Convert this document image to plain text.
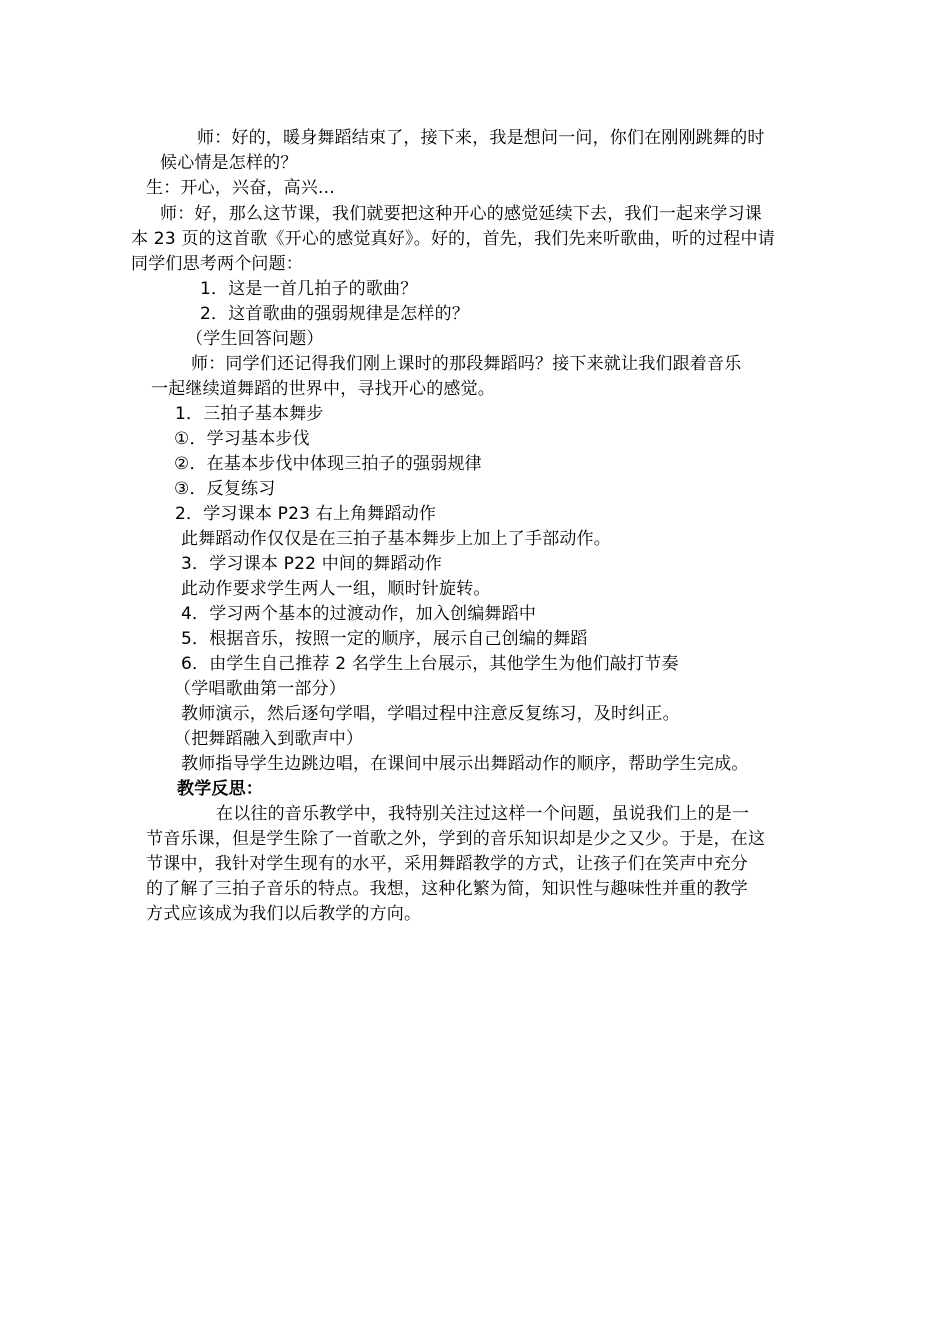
师：好的，暖身舞蹈结束了，接下来，我是想问一问，你们在刚刚跳舞的时
候心情是怎样的？
生：开心，兴奋，高兴...
师：好，那么这节课，我们就要把这种开心的感觉延续下去，我们一起来学习课
本 23 页的这首歌《开心的感觉真好》。好的，首先，我们先来听歌曲，听的过程中请
同学们思考两个问题：
1．这是一首几拍子的歌曲？
2．这首歌曲的强弱规律是怎样的？
（学生回答问题）
师：同学们还记得我们刚上课时的那段舞蹈吗？接下来就让我们跟着音乐
一起继续道舞蹈的世界中，寻找开心的感觉。
1．三拍子基本舞步
①．学习基本步伐
②．在基本步伐中体现三拍子的强弱规律
③．反复练习
2．学习课本 P23 右上角舞蹈动作
此舞蹈动作仅仅是在三拍子基本舞步上加上了手部动作。
3．学习课本 P22 中间的舞蹈动作
此动作要求学生两人一组，顺时针旋转。
4．学习两个基本的过渡动作，加入创编舞蹈中
5．根据音乐，按照一定的顺序，展示自己创编的舞蹈
6．由学生自己推荐 2 名学生上台展示，其他学生为他们敲打节奏
（学唱歌曲第一部分）
教师演示，然后逐句学唱，学唱过程中注意反复练习，及时纠正。
（把舞蹈融入到歌声中）
教师指导学生边跳边唱，在课间中展示出舞蹈动作的顺序，帮助学生完成。
教学反思：
在以往的音乐教学中，我特别关注过这样一个问题，虽说我们上的是一
节音乐课，但是学生除了一首歌之外，学到的音乐知识却是少之又少。于是，在这
节课中，我针对学生现有的水平，采用舞蹈教学的方式，让孩子们在笑声中充分
的了解了三拍子音乐的特点。我想，这种化繁为简，知识性与趣味性并重的教学
方式应该成为我们以后教学的方向。
